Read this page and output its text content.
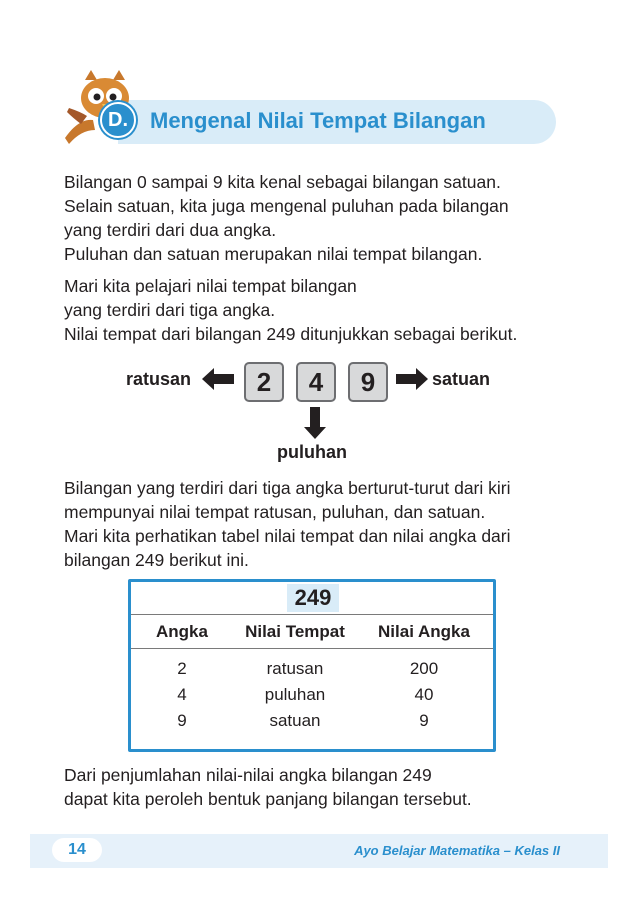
D.	Mengenal Nilai Tempat Bilangan

Bilangan 0 sampai 9 kita kenal sebagai bilangan satuan.

Selain satuan, kita juga mengenal puluhan pada bilangan

yang terdiri dari dua angka.

Puluhan dan satuan merupakan nilai tempat bilangan.

Mari kita pelajari nilai tempat bilangan

yang terdiri dari tiga angka.

Nilai tempat dari bilangan 249 ditunjukkan sebagai berikut.

ratusan	2	4	9	satuan
puluhan

Bilangan yang terdiri dari tiga angka berturut-turut dari kiri

mempunyai nilai tempat ratusan, puluhan, dan satuan.

Mari kita perhatikan tabel nilai tempat dan nilai angka dari

bilangan 249 berikut ini.

249
Angka	Nilai Tempat	Nilai Angka
2	ratusan	200
4	puluhan	40
9	satuan	9

Dari penjumlahan nilai-nilai angka bilangan 249

dapat kita peroleh bentuk panjang bilangan tersebut.

14	Ayo Belajar Matematika – Kelas II
